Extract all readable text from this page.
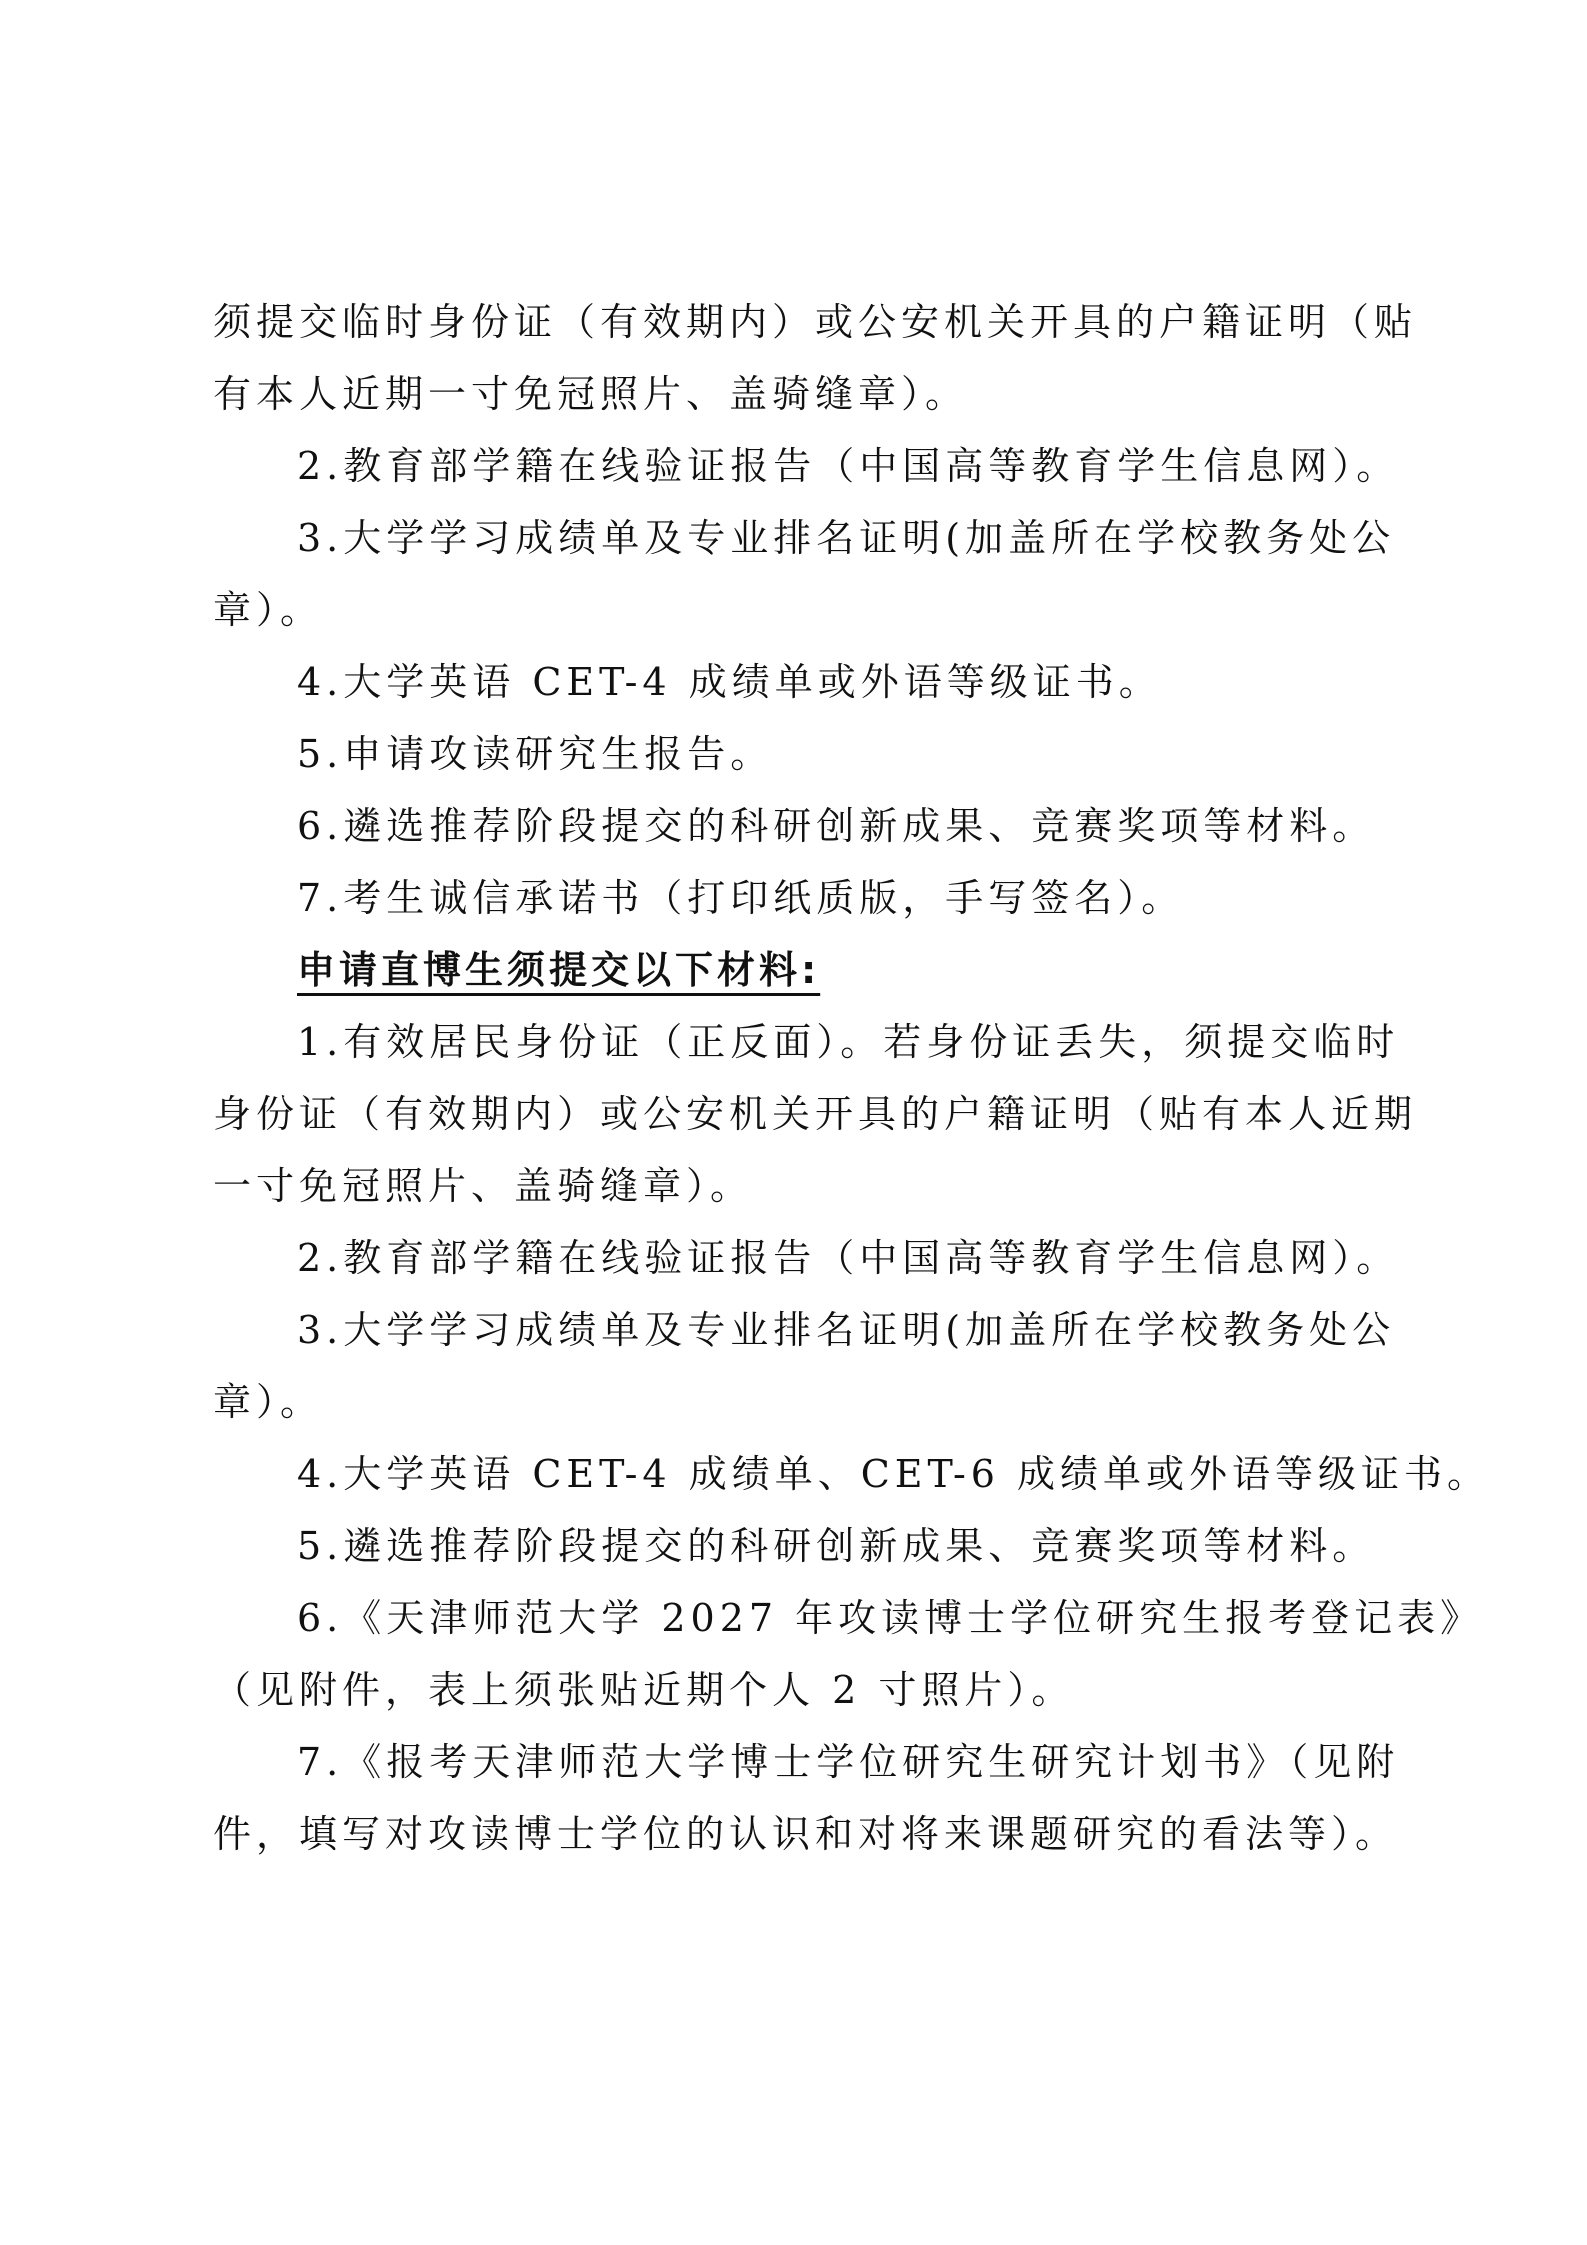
须提交临时身份证（有效期内）或公安机关开具的户籍证明（贴

有本人近期一寸免冠照片、盖骑缝章）。

2.教育部学籍在线验证报告（中国高等教育学生信息网）。

3.大学学习成绩单及专业排名证明(加盖所在学校教务处公

章）。

4.大学英语 CET-4 成绩单或外语等级证书。

5.申请攻读研究生报告。

6.遴选推荐阶段提交的科研创新成果、竞赛奖项等材料。

7.考生诚信承诺书（打印纸质版，手写签名）。

申请直博生须提交以下材料:

1.有效居民身份证（正反面）。若身份证丢失，须提交临时

身份证（有效期内）或公安机关开具的户籍证明（贴有本人近期

一寸免冠照片、盖骑缝章）。

2.教育部学籍在线验证报告（中国高等教育学生信息网）。

3.大学学习成绩单及专业排名证明(加盖所在学校教务处公

章）。

4.大学英语 CET-4 成绩单、CET-6 成绩单或外语等级证书。

5.遴选推荐阶段提交的科研创新成果、竞赛奖项等材料。

6.《天津师范大学 2027 年攻读博士学位研究生报考登记表》

（见附件，表上须张贴近期个人 2 寸照片）。

7.《报考天津师范大学博士学位研究生研究计划书》（见附

件，填写对攻读博士学位的认识和对将来课题研究的看法等）。
